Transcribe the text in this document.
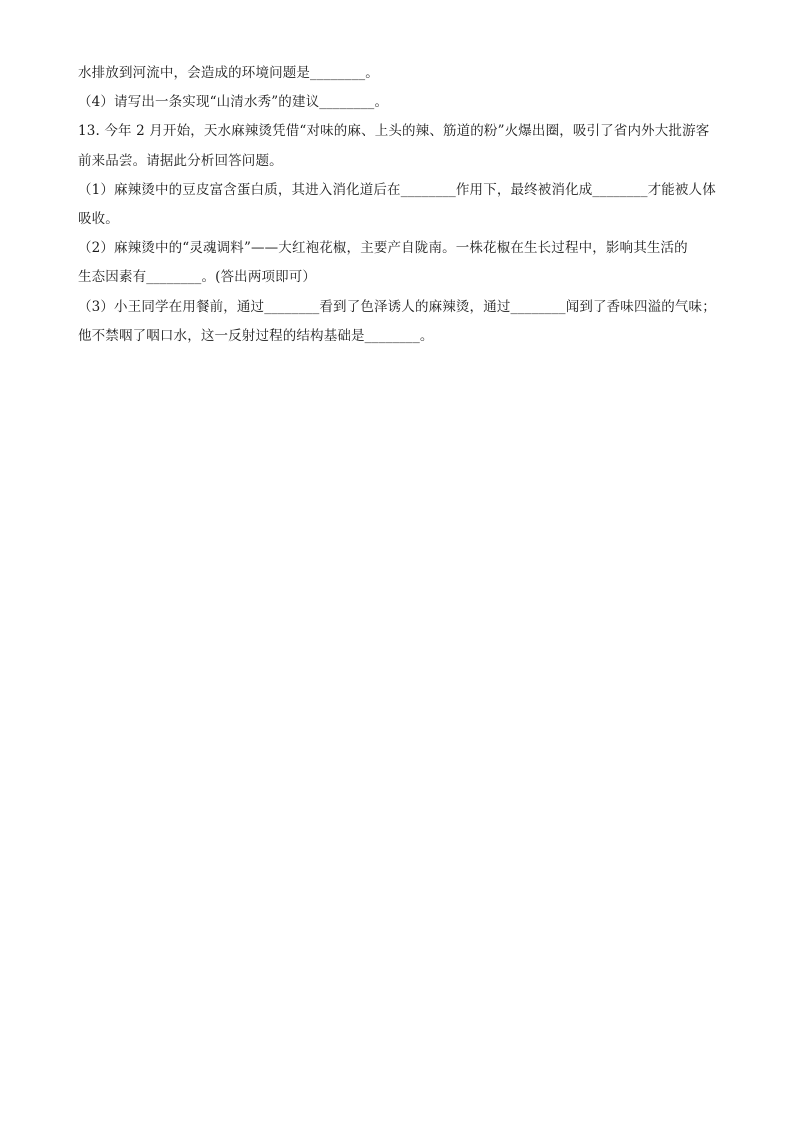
水排放到河流中，会造成的环境问题是________。
（4）请写出一条实现“山清水秀”的建议________。
13. 今年 2 月开始，天水麻辣烫凭借“对味的麻、上头的辣、筋道的粉”火爆出圈，吸引了省内外大批游客
前来品尝。请据此分析回答问题。
（1）麻辣烫中的豆皮富含蛋白质，其进入消化道后在________作用下，最终被消化成________才能被人体
吸收。
（2）麻辣烫中的“灵魂调料”——大红袍花椒，主要产自陇南。一株花椒在生长过程中，影响其生活的
生态因素有________。(答出两项即可）
（3）小王同学在用餐前，通过________看到了色泽诱人的麻辣烫，通过________闻到了香味四溢的气味；
他不禁咽了咽口水，这一反射过程的结构基础是________。
